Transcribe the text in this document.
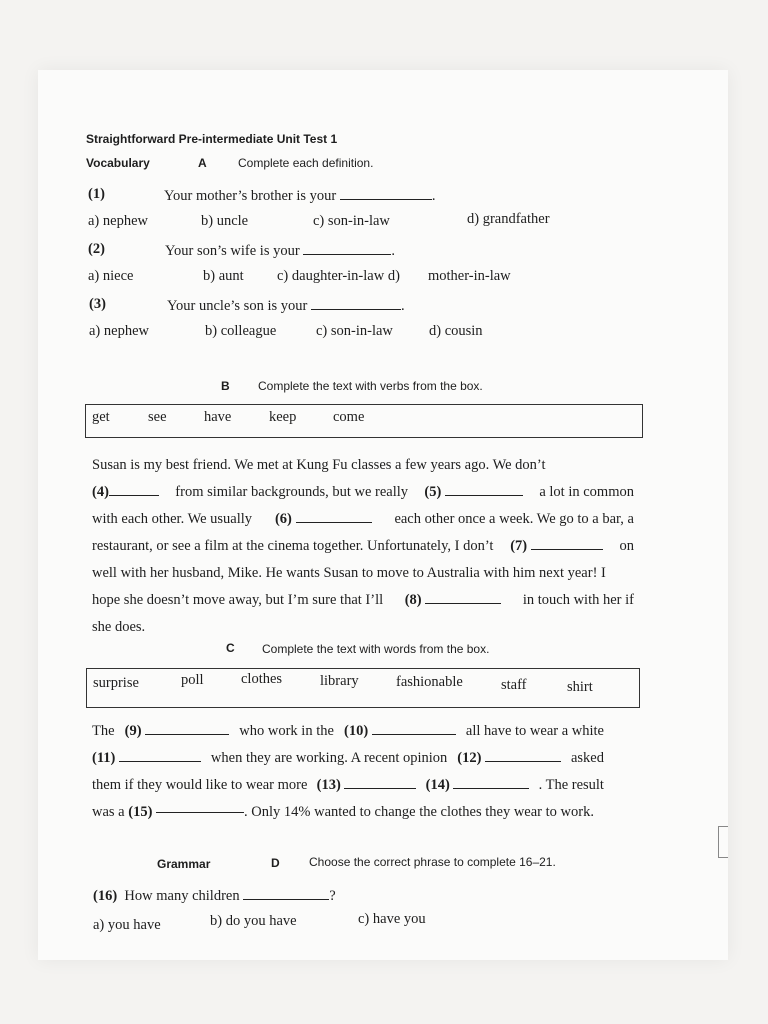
Straightforward Pre-intermediate Unit Test 1
Vocabulary	A	Complete each definition.
(1)	Your mother’s brother is your	.
a) nephew	b) uncle	c) son-in-law	d) grandfather
(2)	Your son’s wife is your	.
a) niece	b) aunt c) daughter-in-law d) mother-in-law
(3)	Your uncle’s son is your	.
a) nephew	b) colleague	c) son-in-law d) cousin
B Complete the text with verbs from the box.
get	see	have	keep	come
Susan is my best friend. We met at Kung Fu classes a few years ago. We don’t
(4)	from similar backgrounds, but we really (5)	a lot in common
with each other. We usually (6)	each other once a week. We go to a bar, a
restaurant, or see a film at the cinema together. Unfortunately, I don’t (7)	on
well with her husband, Mike. He wants Susan to move to Australia with him next year! I
hope she doesn’t move away, but I’m sure that I’ll (8)	in touch with her if
she does.
C Complete the text with words from the box.
surprise	poll	clothes	library	fashionable	staff	shirt
The (9)	who work in the (10)	all have to wear a white
(11)	when they are working. A recent opinion (12)	asked
them if they would like to wear more (13)	(14)	. The result
was a
(15)
	. Only 14% wanted to change the clothes they wear to work.
Grammar	D Choose the correct phrase to complete 16–21.
(16) How many children	?
a) you have	b) do you have	c) have you
